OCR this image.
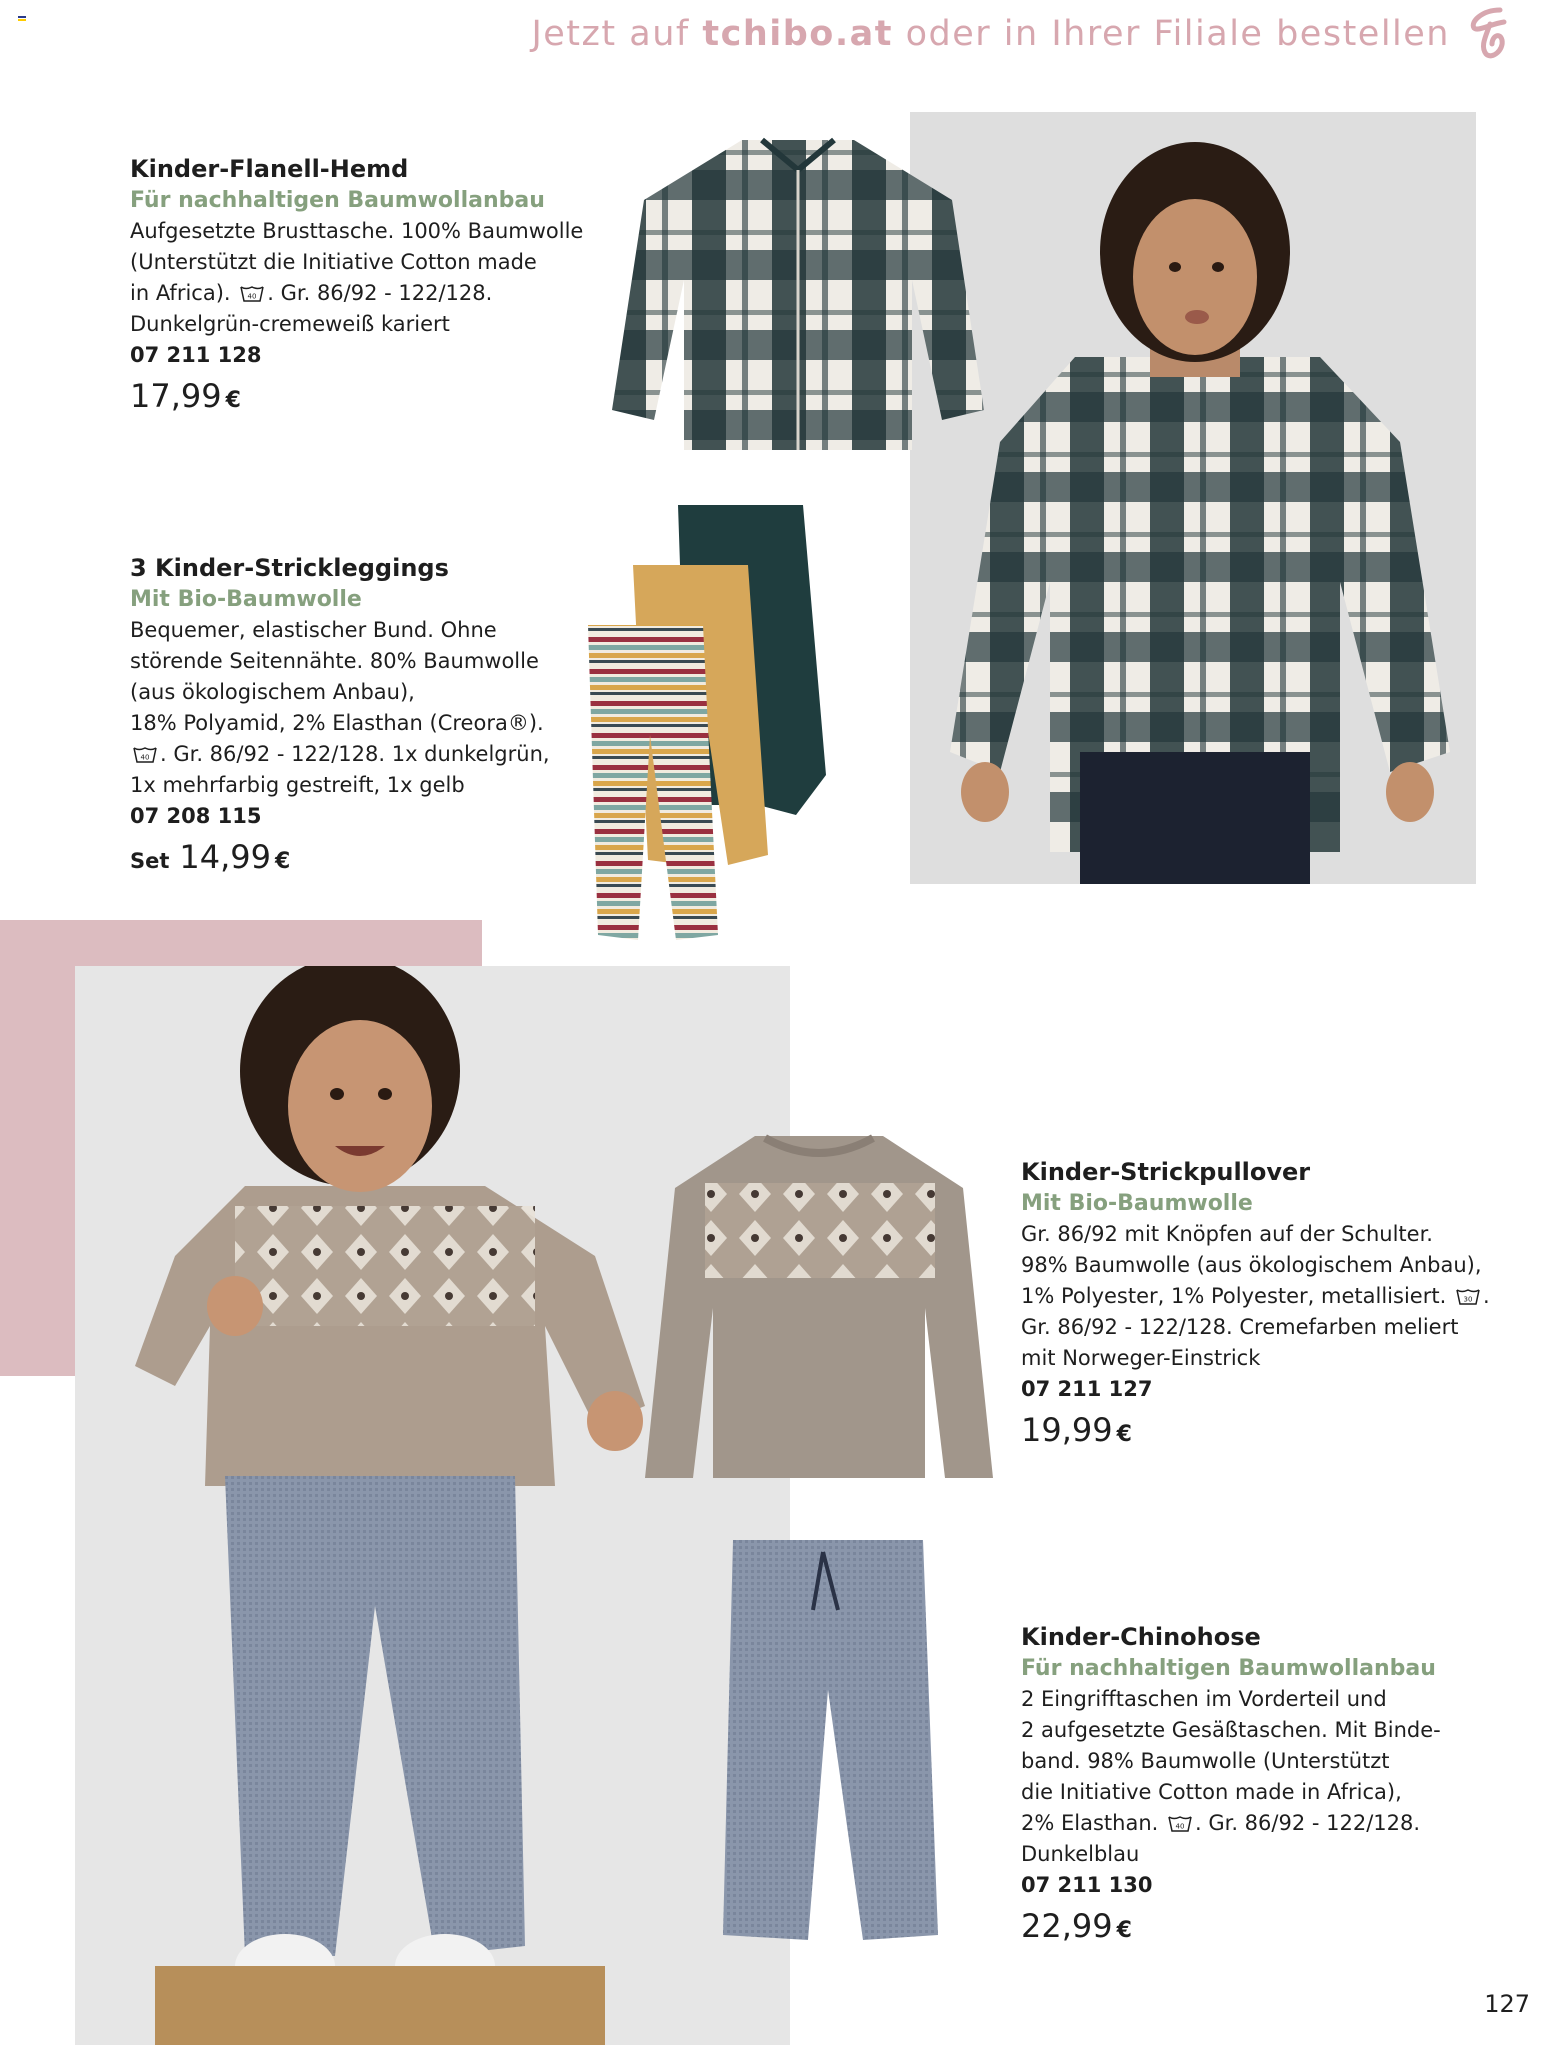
Jetzt auf tchibo.at oder in Ihrer Filiale bestellen
Kinder-Flanell-Hemd
Für nachhaltigen Baumwollanbau
Aufgesetzte Brusttasche. 100% Baumwolle
(Unterstützt die Initiative Cotton made
in Africa). 40 . Gr. 86/92 - 122/128.
Dunkelgrün-cremeweiß kariert
07 211 128
17,99 €
3 Kinder-Strickleggings
Mit Bio-Baumwolle
Bequemer, elastischer Bund. Ohne
störende Seitennähte. 80% Baumwolle
(aus ökologischem Anbau),
18% Polyamid, 2% Elasthan (Creora®).
40 . Gr. 86/92 - 122/128. 1x dunkelgrün,
1x mehrfarbig gestreift, 1x gelb
07 208 115
Set 14,99 €
Kinder-Strickpullover
Mit Bio-Baumwolle
Gr. 86/92 mit Knöpfen auf der Schulter.
98% Baumwolle (aus ökologischem Anbau),
1% Polyester, 1% Polyester, metallisiert. 30 .
Gr. 86/92 - 122/128. Cremefarben meliert
mit Norweger-Einstrick
07 211 127
19,99 €
Kinder-Chinohose
Für nachhaltigen Baumwollanbau
2 Eingrifftaschen im Vorderteil und
2 aufgesetzte Gesäßtaschen. Mit Binde-
band. 98% Baumwolle (Unterstützt
die Initiative Cotton made in Africa),
2% Elasthan. 40 . Gr. 86/92 - 122/128.
Dunkelblau
07 211 130
22,99 €
127
